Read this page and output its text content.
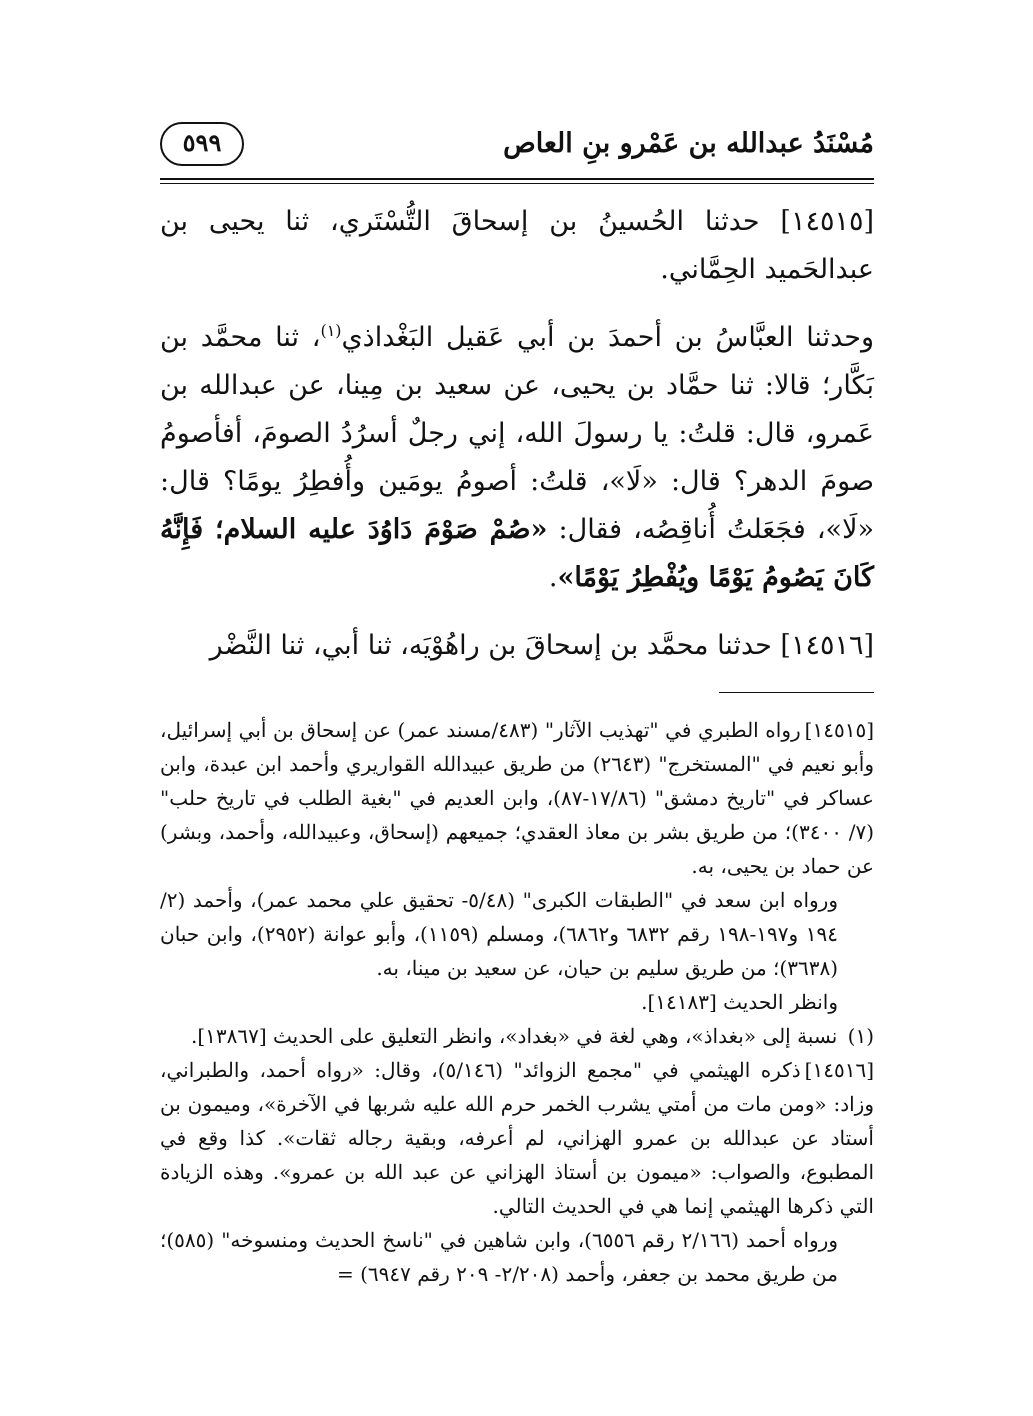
مُسْنَدُ عبدالله بن عَمْرو بنِ العاص
٥٩٩

[١٤٥١٥] حدثنا الحُسينُ بن إسحاقَ التُّسْتَري، ثنا يحيى بن عبدالحَميد الحِمَّاني.

وحدثنا العبَّاسُ بن أحمدَ بن أبي عَقيل البَغْداذي$^{(١)}$، ثنا محمَّد بن بَكَّار؛ قالا: ثنا حمَّاد بن يحيى، عن سعيد بن مِينا، عن عبدالله بن عَمرو، قال: قلتُ: يا رسولَ الله، إني رجلٌ أسرُدُ الصومَ، أفأصومُ صومَ الدهر؟ قال: «لَا»، قلتُ: أصومُ يومَين وأُفطِرُ يومًا؟ قال: «لَا»، فجَعَلتُ أُناقِصُه، فقال: «صُمْ صَوْمَ دَاوُدَ عليه السلام؛ فَإِنَّهُ كَانَ يَصُومُ يَوْمًا ويُفْطِرُ يَوْمًا».

[١٤٥١٦] حدثنا محمَّد بن إسحاقَ بن راهُوْيَه، ثنا أبي، ثنا النَّضْر

[١٤٥١٥]رواه الطبري في "تهذيب الآثار" (٤٨٣/مسند عمر) عن إسحاق بن أبي إسرائيل، وأبو نعيم في "المستخرج" (٢٦٤٣) من طريق عبيدالله القواريري وأحمد ابن عبدة، وابن عساكر في "تاريخ دمشق" (١٧/٨٦-٨٧)، وابن العديم في "بغية الطلب في تاريخ حلب" (٧/ ٣٤٠٠)؛ من طريق بشر بن معاذ العقدي؛ جميعهم (إسحاق، وعبيدالله، وأحمد، وبشر) عن حماد بن يحيى، به.

ورواه ابن سعد في "الطبقات الكبرى" (٥/٤٨- تحقيق علي محمد عمر)، وأحمد (٢/ ١٩٤ و١٩٧-١٩٨ رقم ٦٨٣٢ و٦٨٦٢)، ومسلم (١١٥٩)، وأبو عوانة (٢٩٥٢)، وابن حبان (٣٦٣٨)؛ من طريق سليم بن حيان، عن سعيد بن مينا، به.

وانظر الحديث [١٤١٨٣].

(١) نسبة إلى «بغداذ»، وهي لغة في «بغداد»، وانظر التعليق على الحديث [١٣٨٦٧].

[١٤٥١٦]ذكره الهيثمي في "مجمع الزوائد" (٥/١٤٦)، وقال: «رواه أحمد، والطبراني، وزاد: «ومن مات من أمتي يشرب الخمر حرم الله عليه شربها في الآخرة»، وميمون بن أستاد عن عبدالله بن عمرو الهزاني، لم أعرفه، وبقية رجاله ثقات». كذا وقع في المطبوع، والصواب: «ميمون بن أستاذ الهزاني عن عبد الله بن عمرو». وهذه الزيادة التي ذكرها الهيثمي إنما هي في الحديث التالي.

ورواه أحمد (٢/١٦٦ رقم ٦٥٥٦)، وابن شاهين في "ناسخ الحديث ومنسوخه" (٥٨٥)؛ من طريق محمد بن جعفر، وأحمد (٢/٢٠٨- ٢٠٩ رقم ٦٩٤٧) =
